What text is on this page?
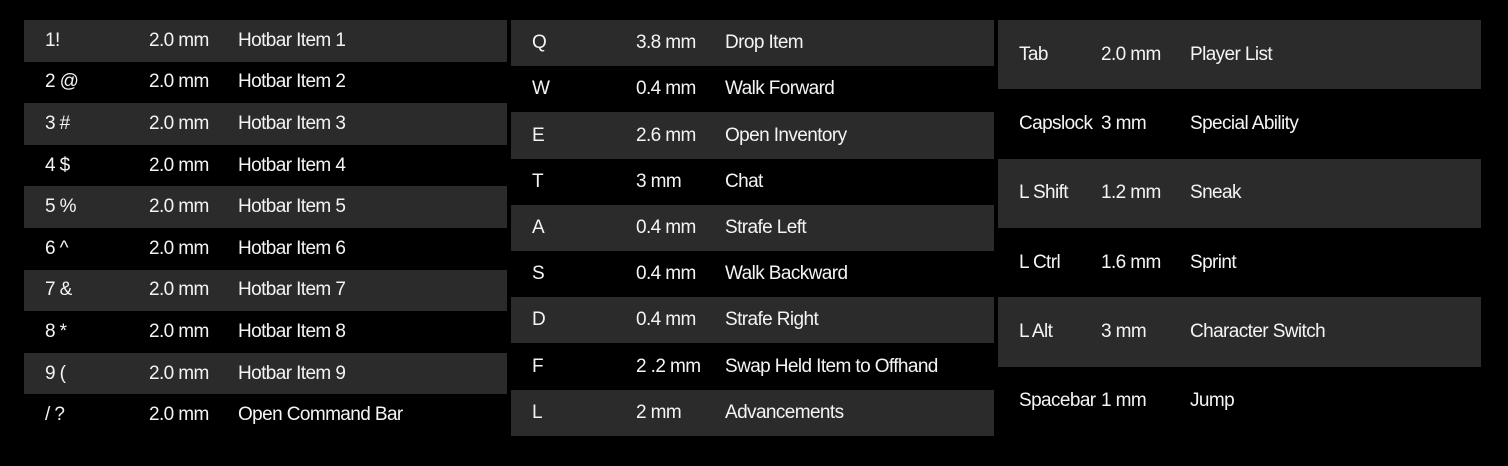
1!	2.0 mm	Hotbar Item 1
2 @	2.0 mm	Hotbar Item 2
3 #	2.0 mm	Hotbar Item 3
4 $	2.0 mm	Hotbar Item 4
5 %	2.0 mm	Hotbar Item 5
6 ^	2.0 mm	Hotbar Item 6
7 &	2.0 mm	Hotbar Item 7
8 *	2.0 mm	Hotbar Item 8
9 (	2.0 mm	Hotbar Item 9
/ ?	2.0 mm	Open Command Bar
Q	3.8 mm	Drop Item
W	0.4 mm	Walk Forward
E	2.6 mm	Open Inventory
T	3 mm	Chat
A	0.4 mm	Strafe Left
S	0.4 mm	Walk Backward
D	0.4 mm	Strafe Right
F	2 .2 mm	Swap Held Item to Offhand
L	2 mm	Advancements
Tab	2.0 mm	Player List
Capslock	3 mm	Special Ability
L Shift	1.2 mm	Sneak
L Ctrl	1.6 mm	Sprint
L Alt	3 mm	Character Switch
Spacebar	1 mm	Jump
